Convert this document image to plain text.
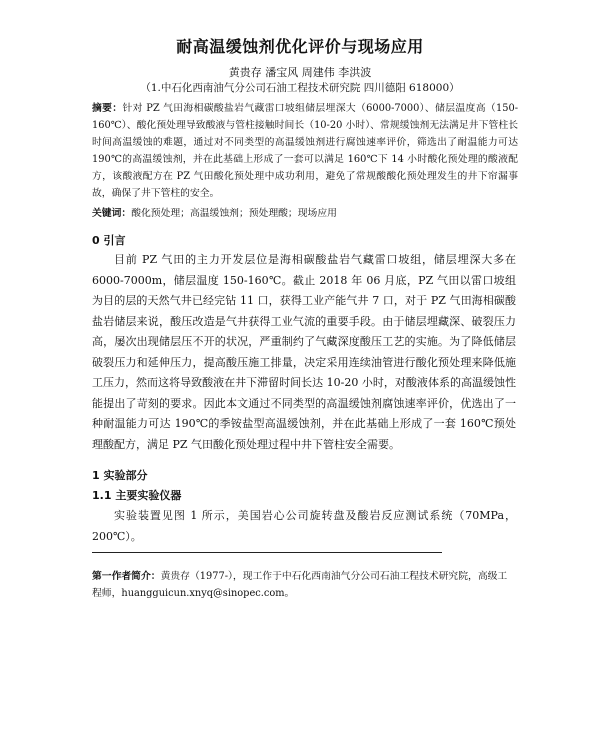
耐高温缓蚀剂优化评价与现场应用
黄贵存 潘宝风 周建伟 李洪波
（1.中石化西南油气分公司石油工程技术研究院 四川德阳 618000）
摘要：针对 PZ 气田海相碳酸盐岩气藏雷口坡组储层埋深大（6000-7000）、储层温度高（150-160℃）、酸化预处理导致酸液与管柱接触时间长（10-20 小时）、常规缓蚀剂无法满足井下管柱长时间高温缓蚀的难题，通过对不同类型的高温缓蚀剂进行腐蚀速率评价，筛选出了耐温能力可达 190℃的高温缓蚀剂，并在此基础上形成了一套可以满足 160℃下 14 小时酸化预处理的酸液配方，该酸液配方在 PZ 气田酸化预处理中成功利用，避免了常规酸酸化预处理发生的井下帘漏事故，确保了井下管柱的安全。
关键词：酸化预处理；高温缓蚀剂；预处理酸；现场应用
0 引言
目前 PZ 气田的主力开发层位是海相碳酸盐岩气藏雷口坡组，储层埋深大多在 6000-7000m，储层温度 150-160℃。截止 2018 年 06 月底，PZ 气田以雷口坡组为目的层的天然气井已经完钻 11 口，获得工业产能气井 7 口，对于 PZ 气田海相碳酸盐岩储层来说，酸压改造是气井获得工业气流的重要手段。由于储层埋藏深、破裂压力高，屡次出现储层压不开的状况，严重制约了气藏深度酸压工艺的实施。为了降低储层破裂压力和延伸压力，提高酸压施工排量，决定采用连续油管进行酸化预处理来降低施工压力，然而这将导致酸液在井下滞留时间长达 10-20 小时，对酸液体系的高温缓蚀性能提出了苛刻的要求。因此本文通过不同类型的高温缓蚀剂腐蚀速率评价，优选出了一种耐温能力可达 190℃的季铵盐型高温缓蚀剂，并在此基础上形成了一套 160℃预处理酸配方，满足 PZ 气田酸化预处理过程中井下管柱安全需要。
1 实验部分
1.1 主要实验仪器
实验装置见图 1 所示，美国岩心公司旋转盘及酸岩反应测试系统（70MPa，200℃）。
第一作者简介：黄贵存（1977-），现工作于中石化西南油气分公司石油工程技术研究院，高级工程师，huangguicun.xnyq@sinopec.com。
